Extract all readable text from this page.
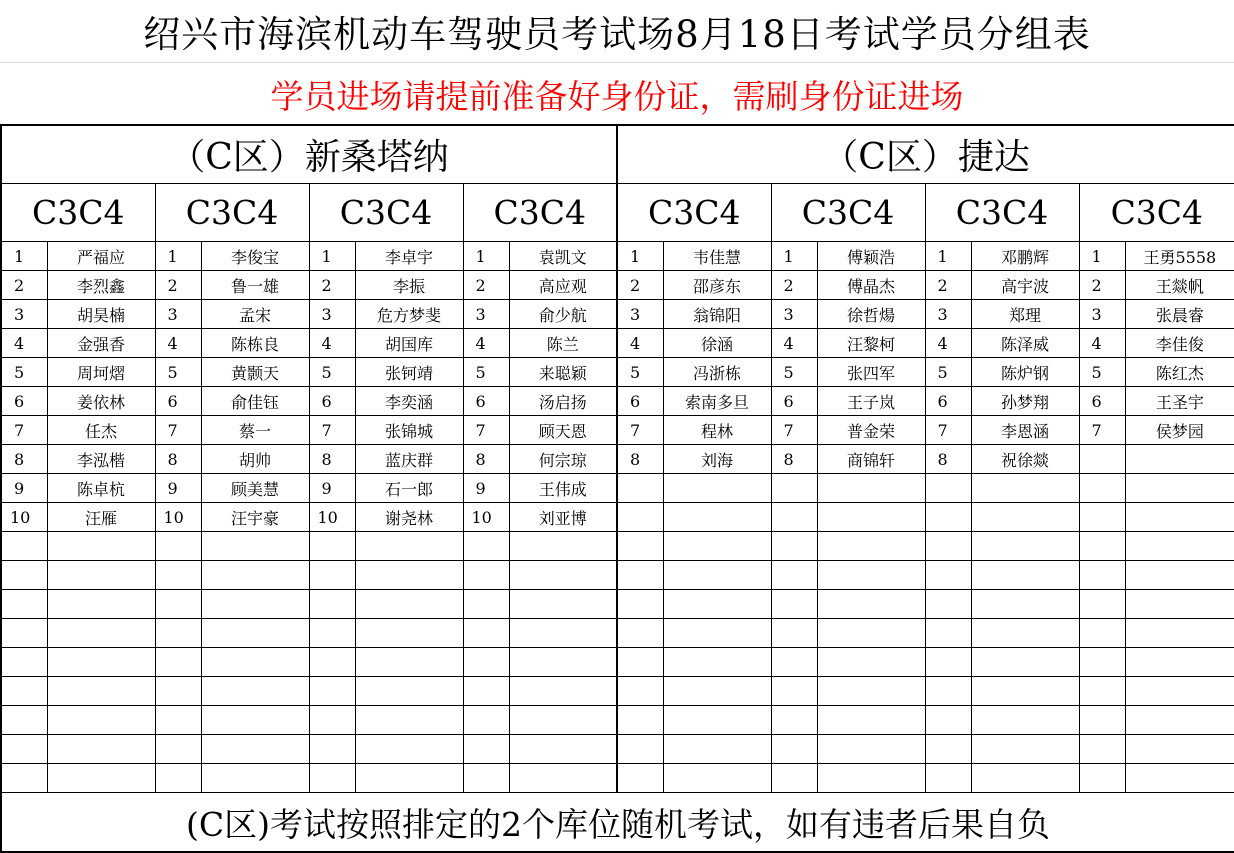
绍兴市海滨机动车驾驶员考试场8月18日考试学员分组表
学员进场请提前准备好身份证，需刷身份证进场
（C区）新桑塔纳								（C区）捷达							
C3C4		C3C4		C3C4		C3C4		C3C4		C3C4		C3C4		C3C4	
1	严福应	1	李俊宝	1	李卓宇	1	袁凯文	1	韦佳慧	1	傅颖浩	1	邓鹏辉	1	王勇5558
2	李烈鑫	2	鲁一雄	2	李振	2	高应观	2	邵彦东	2	傅晶杰	2	高宇波	2	王燚帆
3	胡昊楠	3	孟宋	3	危方梦斐	3	俞少航	3	翁锦阳	3	徐哲煬	3	郑理	3	张晨睿
4	金强香	4	陈栋良	4	胡国库	4	陈兰	4	徐涵	4	汪黎柯	4	陈泽威	4	李佳俊
5	周坷熠	5	黄颢天	5	张钶靖	5	来聪颖	5	冯浙栋	5	张四军	5	陈炉钢	5	陈红杰
6	姜依林	6	俞佳钰	6	李奕涵	6	汤启扬	6	索南多旦	6	王子岚	6	孙梦翔	6	王圣宇
7	任杰	7	蔡一	7	张锦城	7	顾天恩	7	程林	7	普金荣	7	李恩涵	7	侯梦园
8	李泓楷	8	胡帅	8	蓝庆群	8	何宗琼	8	刘海	8	商锦轩	8	祝徐燚		
9	陈卓杭	9	顾美慧	9	石一郎	9	王伟成								
10	汪雁	10	汪宇豪	10	谢尧林	10	刘亚博								

(C区)考试按照排定的2个库位随机考试，如有违者后果自负															
